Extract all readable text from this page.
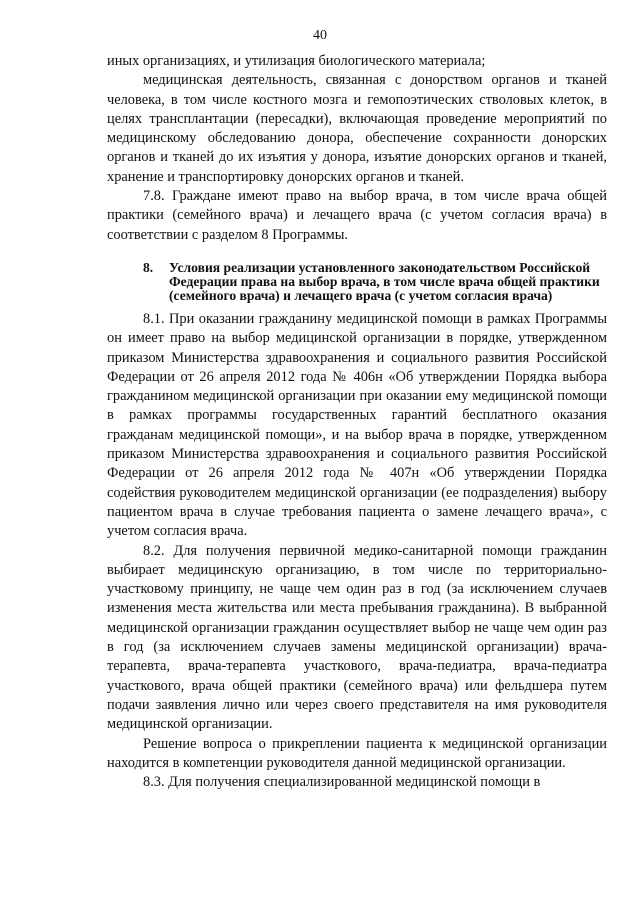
40

иных организациях, и утилизация биологического материала;

медицинская деятельность, связанная с донорством органов и тканей человека, в том числе костного мозга и гемопоэтических стволовых клеток, в целях трансплантации (пересадки), включающая проведение мероприятий по медицинскому обследованию донора, обеспечение сохранности донорских органов и тканей до их изъятия у донора, изъятие донорских органов и тканей, хранение и транспортировку донорских органов и тканей.

7.8. Граждане имеют право на выбор врача, в том числе врача общей практики (семейного врача) и лечащего врача (с учетом согласия врача) в соответствии с разделом 8 Программы.

8. Условия реализации установленного законодательством Российской Федерации права на выбор врача, в том числе врача общей практики (семейного врача) и лечащего врача (с учетом согласия врача)

8.1. При оказании гражданину медицинской помощи в рамках Программы он имеет право на выбор медицинской организации в порядке, утвержденном приказом Министерства здравоохранения и социального развития Российской Федерации от 26 апреля 2012 года № 406н «Об утверждении Порядка выбора гражданином медицинской организации при оказании ему медицинской помощи в рамках программы государственных гарантий бесплатного оказания гражданам медицинской помощи», и на выбор врача в порядке, утвержденном приказом Министерства здравоохранения и социального развития Российской Федерации от 26 апреля 2012 года № 407н «Об утверждении Порядка содействия руководителем медицинской организации (ее подразделения) выбору пациентом врача в случае требования пациента о замене лечащего врача», с учетом согласия врача.

8.2. Для получения первичной медико-санитарной помощи гражданин выбирает медицинскую организацию, в том числе по территориально-участковому принципу, не чаще чем один раз в год (за исключением случаев изменения места жительства или места пребывания гражданина). В выбранной медицинской организации гражданин осуществляет выбор не чаще чем один раз в год (за исключением случаев замены медицинской организации) врача-терапевта, врача-терапевта участкового, врача-педиатра, врача-педиатра участкового, врача общей практики (семейного врача) или фельдшера путем подачи заявления лично или через своего представителя на имя руководителя медицинской организации.

Решение вопроса о прикреплении пациента к медицинской организации находится в компетенции руководителя данной медицинской организации.

8.3. Для получения специализированной медицинской помощи в
